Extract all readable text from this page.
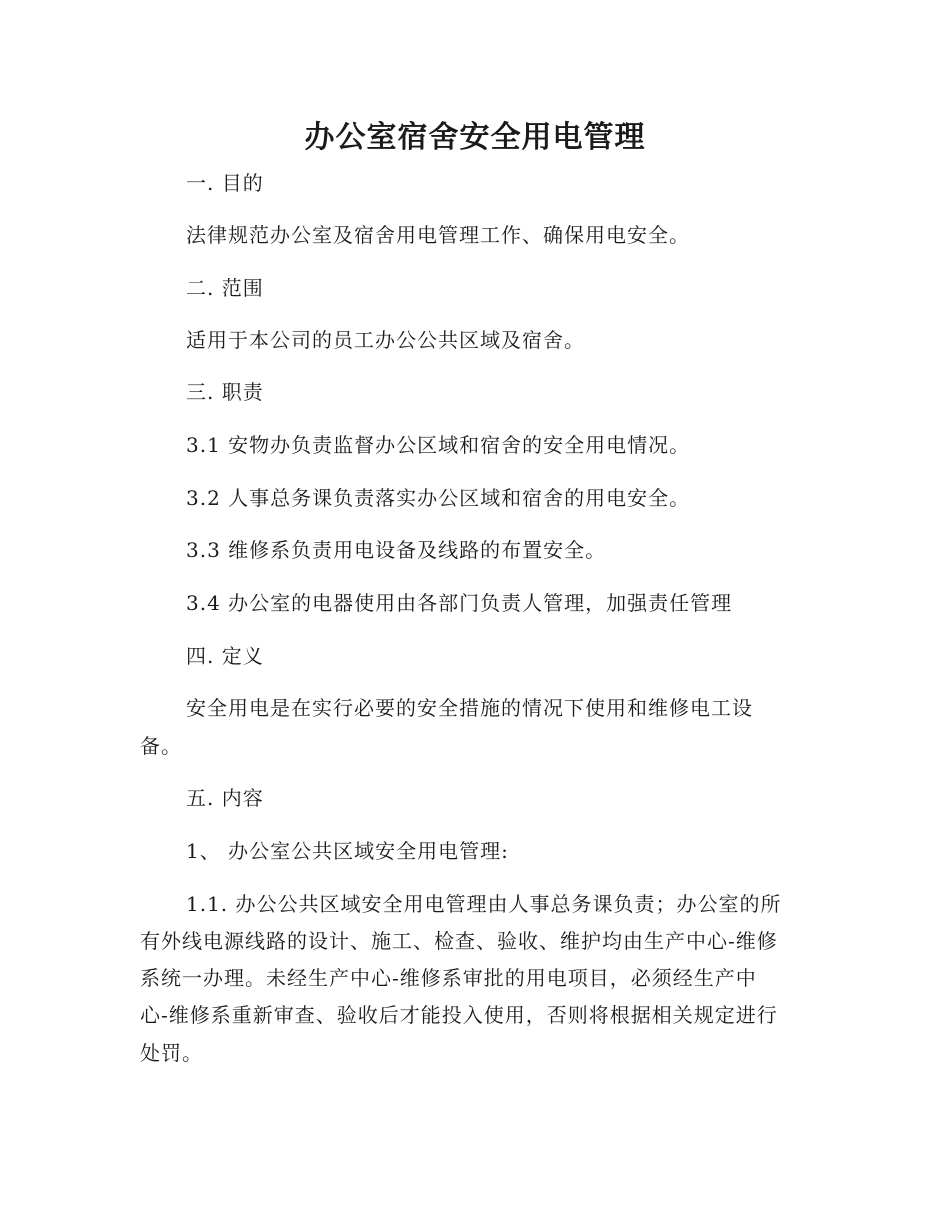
办公室宿舍安全用电管理
一. 目的
法律规范办公室及宿舍用电管理工作、确保用电安全。
二. 范围
适用于本公司的员工办公公共区域及宿舍。
三. 职责
3.1 安物办负责监督办公区域和宿舍的安全用电情况。
3.2 人事总务课负责落实办公区域和宿舍的用电安全。
3.3 维修系负责用电设备及线路的布置安全。
3.4 办公室的电器使用由各部门负责人管理，加强责任管理
四. 定义
安全用电是在实行必要的安全措施的情况下使用和维修电工设
备。
五. 内容
1、 办公室公共区域安全用电管理:
1.1. 办公公共区域安全用电管理由人事总务课负责；办公室的所
有外线电源线路的设计、施工、检查、验收、维护均由生产中心-维修
系统一办理。未经生产中心-维修系审批的用电项目，必须经生产中
心-维修系重新审查、验收后才能投入使用，否则将根据相关规定进行
处罚。
